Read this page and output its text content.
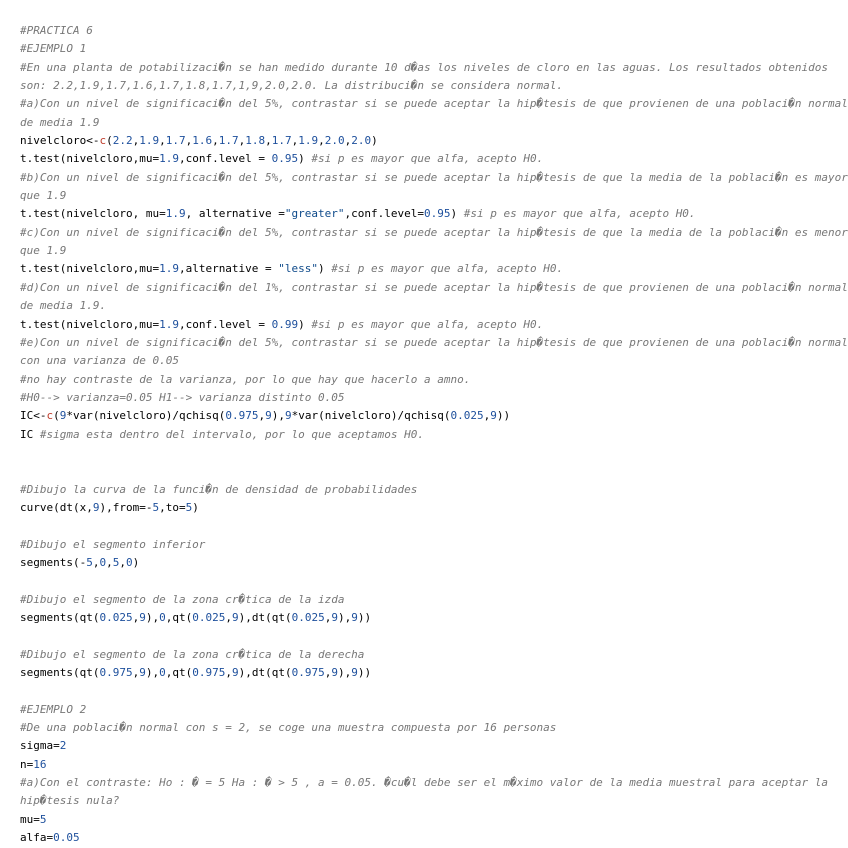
#PRACTICA 6
#EJEMPLO 1
#En una planta de potabilizaci�n se han medido durante 10 d�as los niveles de cloro en las aguas. Los resultados obtenidos
son: 2.2,1.9,1.7,1.6,1.7,1.8,1.7,1,9,2.0,2.0. La distribuci�n se considera normal.
#a)Con un nivel de significaci�n del 5%, contrastar si se puede aceptar la hip�tesis de que provienen de una poblaci�n normal
de media 1.9
nivelcloro<-c(2.2,1.9,1.7,1.6,1.7,1.8,1.7,1.9,2.0,2.0)
t.test(nivelcloro,mu=1.9,conf.level = 0.95) #si p es mayor que alfa, acepto H0.
#b)Con un nivel de significaci�n del 5%, contrastar si se puede aceptar la hip�tesis de que la media de la poblaci�n es mayor
que 1.9
t.test(nivelcloro, mu=1.9, alternative ="greater",conf.level=0.95) #si p es mayor que alfa, acepto H0.
#c)Con un nivel de significaci�n del 5%, contrastar si se puede aceptar la hip�tesis de que la media de la poblaci�n es menor
que 1.9
t.test(nivelcloro,mu=1.9,alternative = "less") #si p es mayor que alfa, acepto H0.
#d)Con un nivel de significaci�n del 1%, contrastar si se puede aceptar la hip�tesis de que provienen de una poblaci�n normal
de media 1.9.
t.test(nivelcloro,mu=1.9,conf.level = 0.99) #si p es mayor que alfa, acepto H0.
#e)Con un nivel de significaci�n del 5%, contrastar si se puede aceptar la hip�tesis de que provienen de una poblaci�n normal
con una varianza de 0.05
#no hay contraste de la varianza, por lo que hay que hacerlo a amno.
#H0--> varianza=0.05 H1--> varianza distinto 0.05
IC<-c(9*var(nivelcloro)/qchisq(0.975,9),9*var(nivelcloro)/qchisq(0.025,9))
IC #sigma esta dentro del intervalo, por lo que aceptamos H0.

#Dibujo la curva de la funci�n de densidad de probabilidades
curve(dt(x,9),from=-5,to=5)

#Dibujo el segmento inferior
segments(-5,0,5,0)

#Dibujo el segmento de la zona cr�tica de la izda
segments(qt(0.025,9),0,qt(0.025,9),dt(qt(0.025,9),9))

#Dibujo el segmento de la zona cr�tica de la derecha
segments(qt(0.975,9),0,qt(0.975,9),dt(qt(0.975,9),9))

#EJEMPLO 2
#De una poblaci�n normal con s = 2, se coge una muestra compuesta por 16 personas
sigma=2
n=16
#a)Con el contraste: Ho : � = 5 Ha : � > 5 , a = 0.05. �cu�l debe ser el m�ximo valor de la media muestral para aceptar la
hip�tesis nula?
mu=5
alfa=0.05
